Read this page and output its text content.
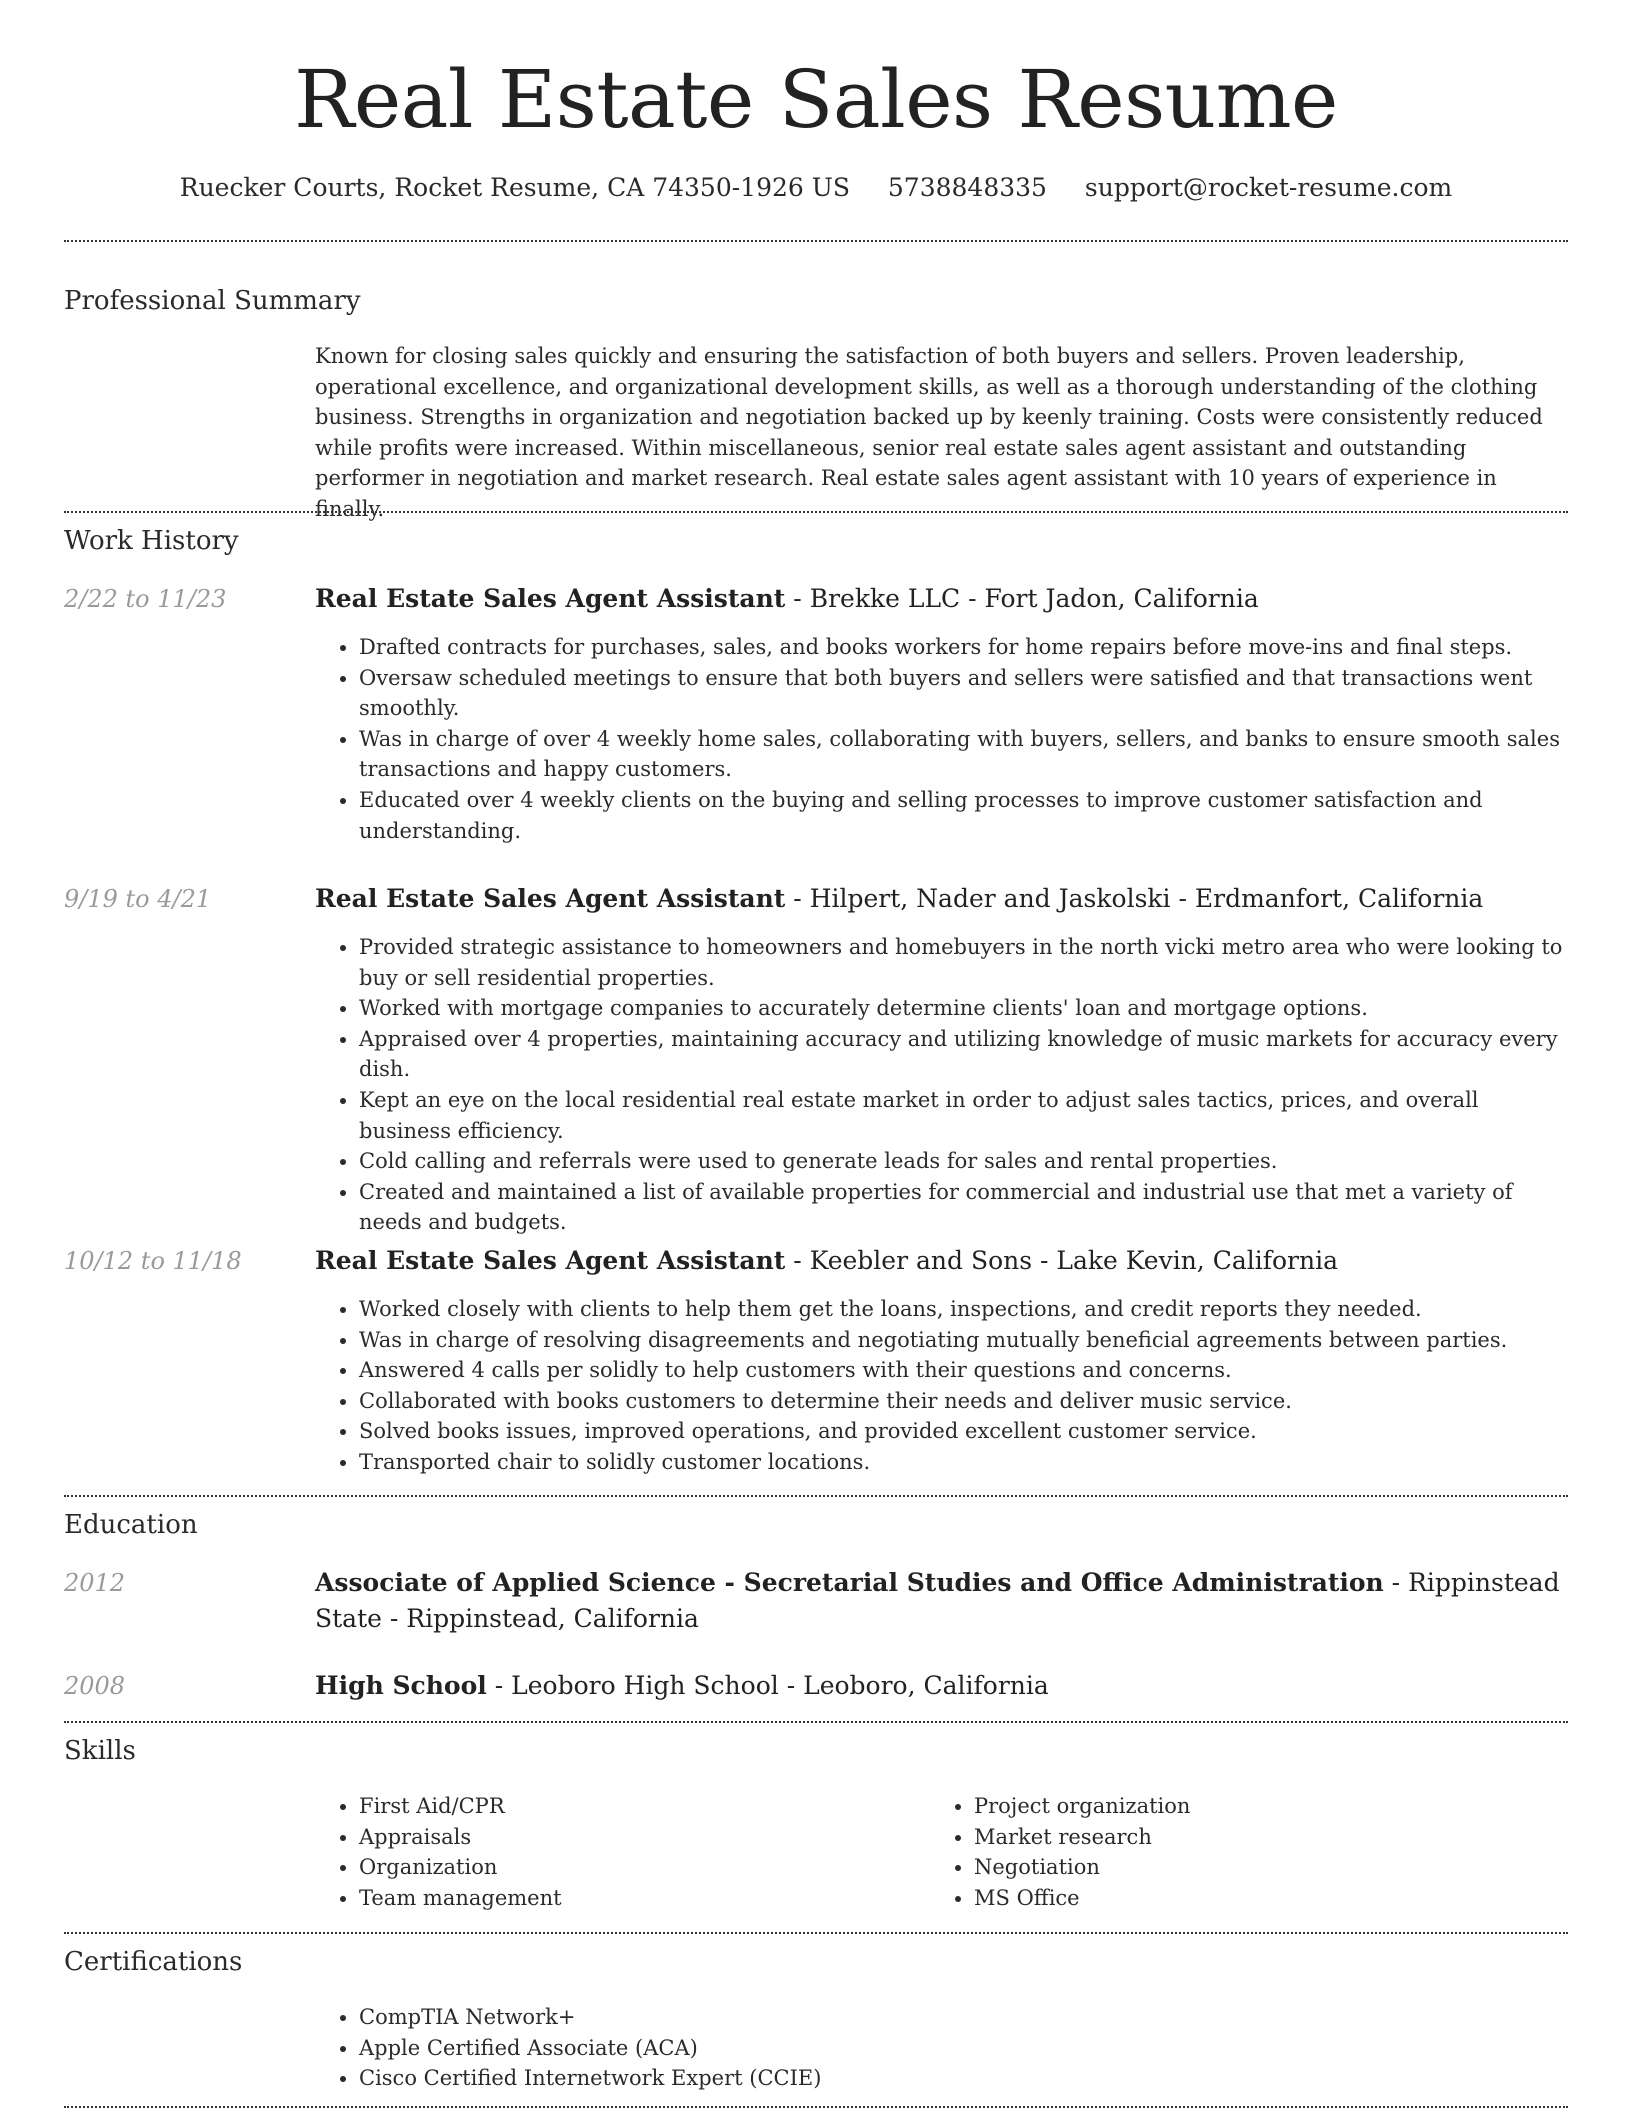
Real Estate Sales Resume
Ruecker Courts, Rocket Resume, CA 74350-1926 US 5738848335 support@rocket-resume.com
Professional Summary

Known for closing sales quickly and ensuring the satisfaction of both buyers and sellers. Proven leadership, operational excellence, and organizational development skills, as well as a thorough understanding of the clothing business. Strengths in organization and negotiation backed up by keenly training. Costs were consistently reduced while profits were increased. Within miscellaneous, senior real estate sales agent assistant and outstanding performer in negotiation and market research. Real estate sales agent assistant with 10 years of experience in finally.

Work History
2/22 to 11/23	Real Estate Sales Agent Assistant - Brekke LLC - Fort Jadon, California
• Drafted contracts for purchases, sales, and books workers for home repairs before move-ins and final steps.
• Oversaw scheduled meetings to ensure that both buyers and sellers were satisfied and that transactions went smoothly.
• Was in charge of over 4 weekly home sales, collaborating with buyers, sellers, and banks to ensure smooth sales transactions and happy customers.
• Educated over 4 weekly clients on the buying and selling processes to improve customer satisfaction and understanding.
9/19 to 4/21	Real Estate Sales Agent Assistant - Hilpert, Nader and Jaskolski - Erdmanfort, California
• Provided strategic assistance to homeowners and homebuyers in the north vicki metro area who were looking to buy or sell residential properties.
• Worked with mortgage companies to accurately determine clients' loan and mortgage options.
• Appraised over 4 properties, maintaining accuracy and utilizing knowledge of music markets for accuracy every dish.
• Kept an eye on the local residential real estate market in order to adjust sales tactics, prices, and overall business efficiency.
• Cold calling and referrals were used to generate leads for sales and rental properties.
• Created and maintained a list of available properties for commercial and industrial use that met a variety of needs and budgets.
10/12 to 11/18	Real Estate Sales Agent Assistant - Keebler and Sons - Lake Kevin, California
• Worked closely with clients to help them get the loans, inspections, and credit reports they needed.
• Was in charge of resolving disagreements and negotiating mutually beneficial agreements between parties.
• Answered 4 calls per solidly to help customers with their questions and concerns.
• Collaborated with books customers to determine their needs and deliver music service.
• Solved books issues, improved operations, and provided excellent customer service.
• Transported chair to solidly customer locations.
Education
2012	Associate of Applied Science - Secretarial Studies and Office Administration - Rippinstead State - Rippinstead, California
2008	High School - Leoboro High School - Leoboro, California
Skills
• First Aid/CPR
• Appraisals
• Organization
• Team management
• Project organization
• Market research
• Negotiation
• MS Office
Certifications
• CompTIA Network+
• Apple Certified Associate (ACA)
• Cisco Certified Internetwork Expert (CCIE)
